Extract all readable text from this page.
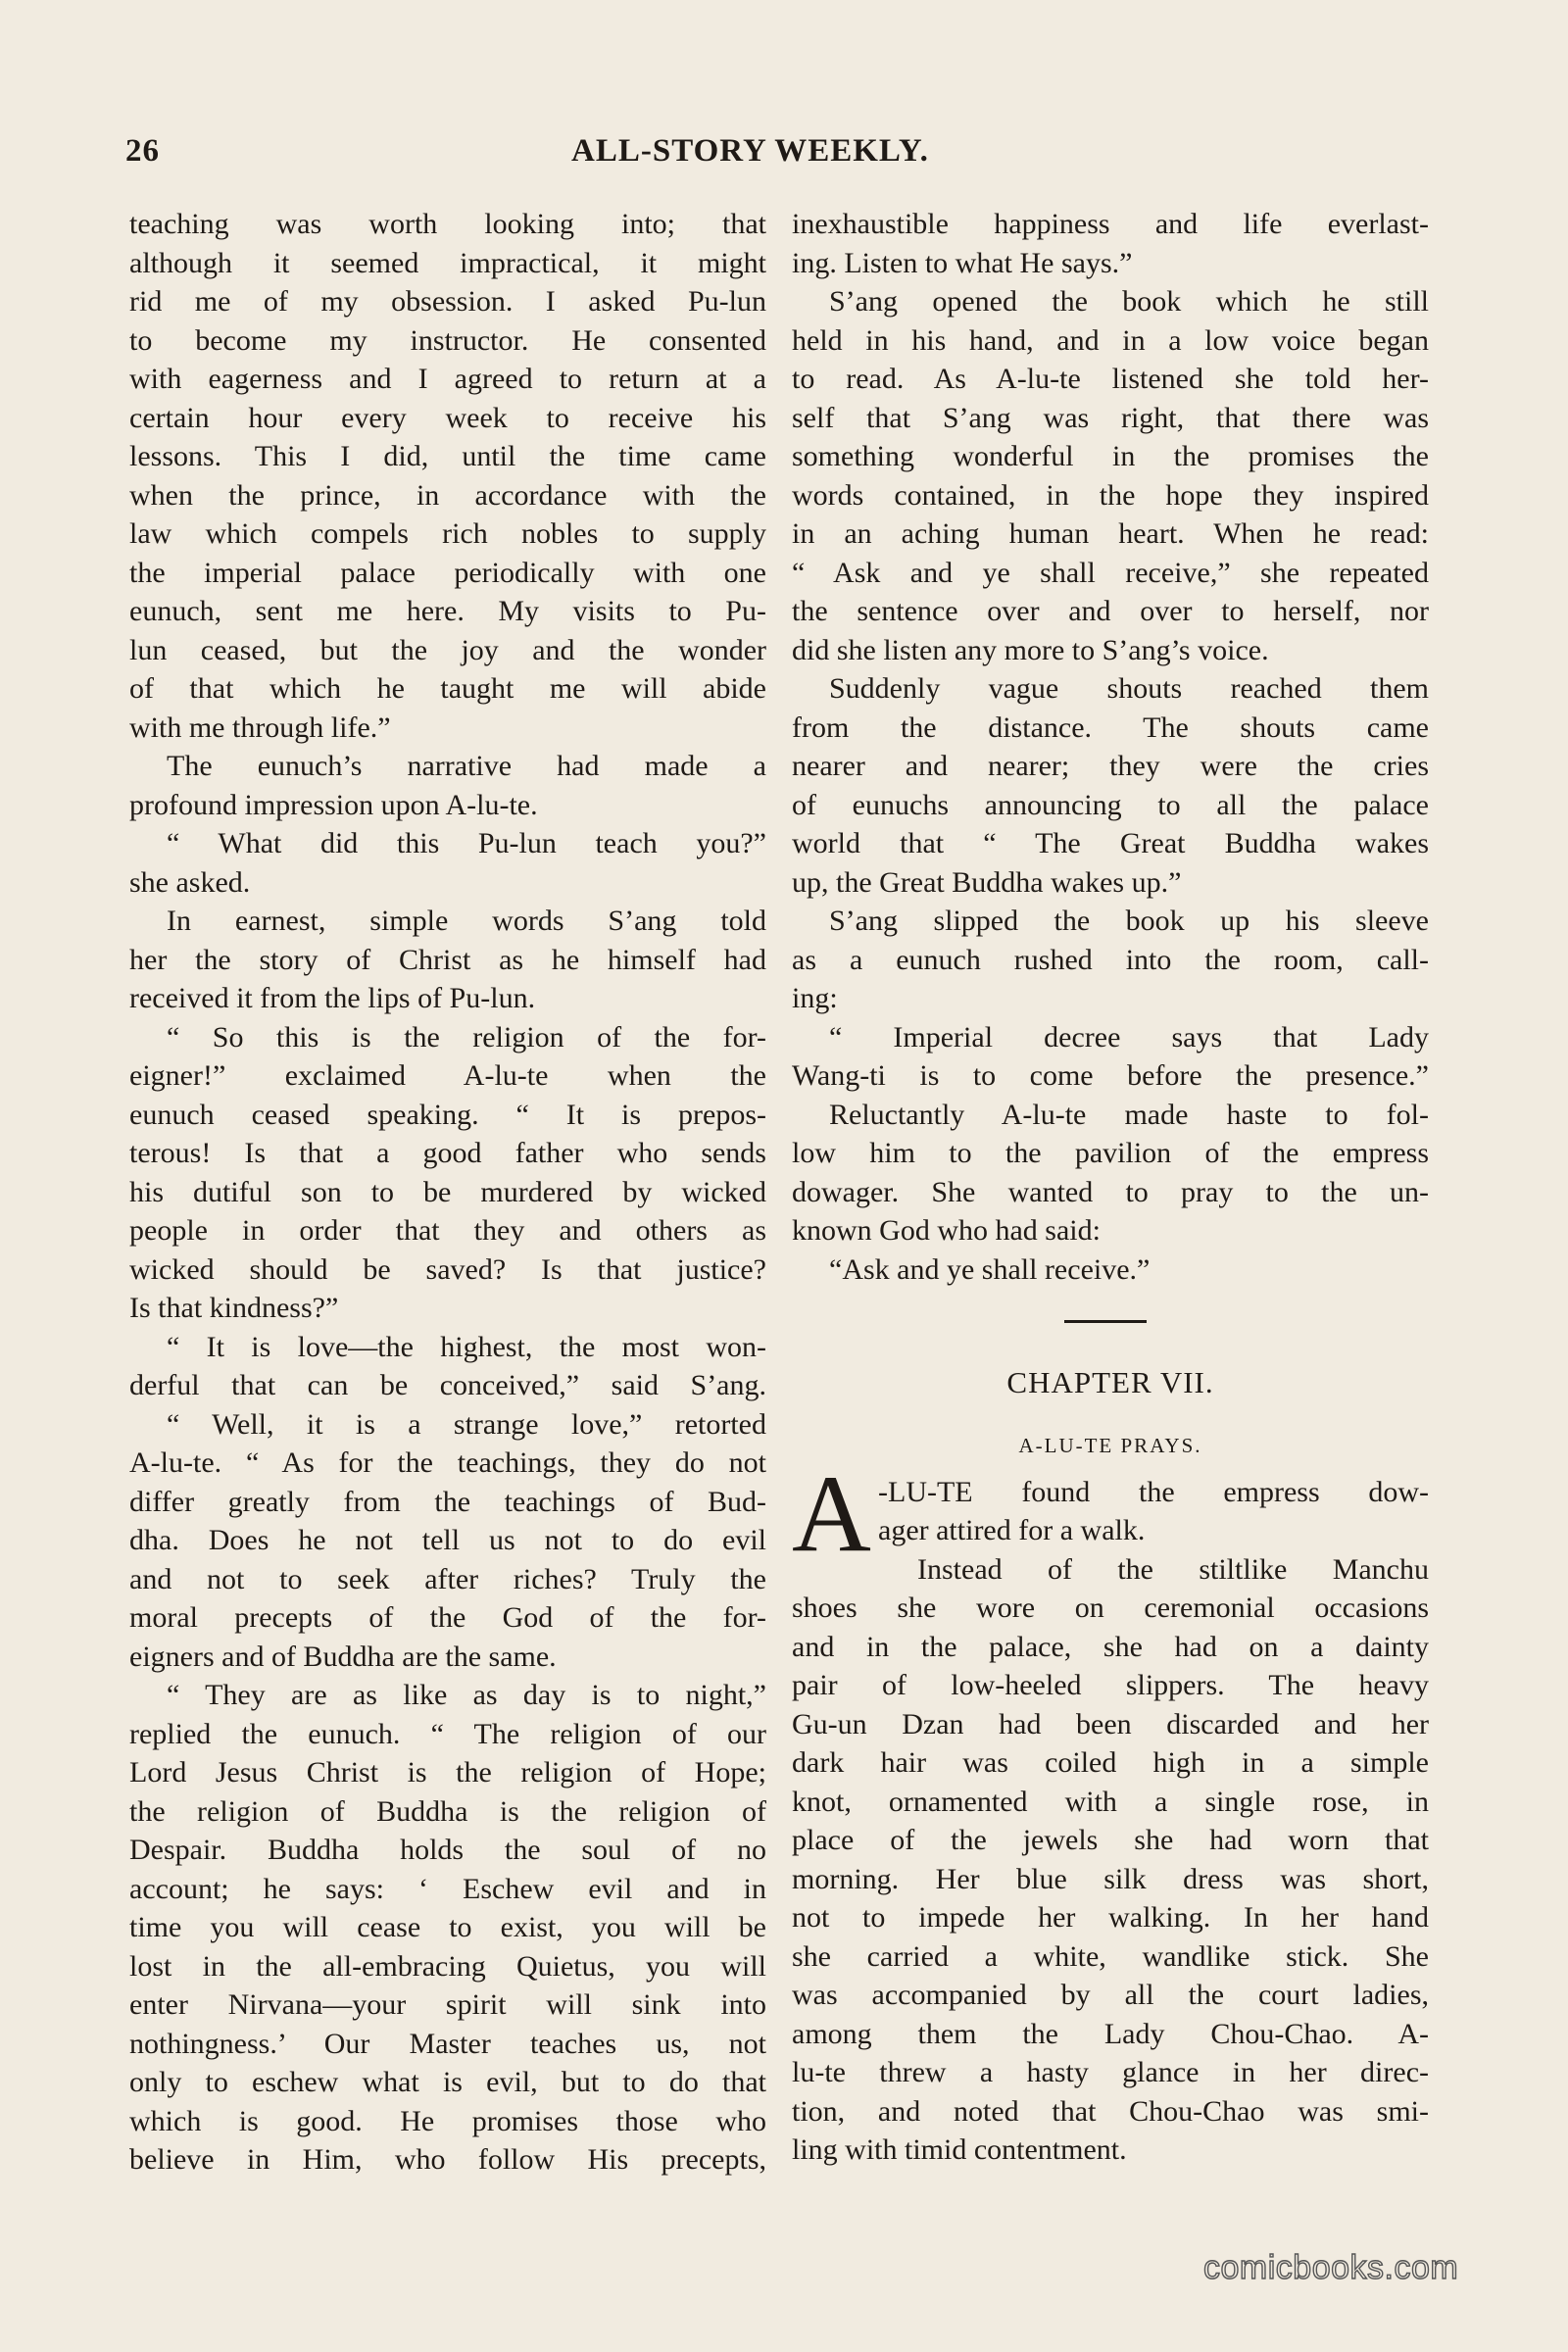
26	ALL-STORY WEEKLY.
teaching was worth looking into; that
although it seemed impractical, it might
rid me of my obsession. I asked Pu-lun
to become my instructor. He consented
with eagerness and I agreed to return at a
certain hour every week to receive his
lessons. This I did, until the time came
when the prince, in accordance with the
law which compels rich nobles to supply
the imperial palace periodically with one
eunuch, sent me here. My visits to Pu-
lun ceased, but the joy and the wonder
of that which he taught me will abide
with me through life.”
The eunuch’s narrative had made a
profound impression upon A-lu-te.
“ What did this Pu-lun teach you?”
she asked.
In earnest, simple words S’ang told
her the story of Christ as he himself had
received it from the lips of Pu-lun.
“ So this is the religion of the for-
eigner!” exclaimed A-lu-te when the
eunuch ceased speaking. “ It is prepos-
terous! Is that a good father who sends
his dutiful son to be murdered by wicked
people in order that they and others as
wicked should be saved? Is that justice?
Is that kindness?”
“ It is love—the highest, the most won-
derful that can be conceived,” said S’ang.
“ Well, it is a strange love,” retorted
A-lu-te. “ As for the teachings, they do not
differ greatly from the teachings of Bud-
dha. Does he not tell us not to do evil
and not to seek after riches? Truly the
moral precepts of the God of the for-
eigners and of Buddha are the same.
“ They are as like as day is to night,”
replied the eunuch. “ The religion of our
Lord Jesus Christ is the religion of Hope;
the religion of Buddha is the religion of
Despair. Buddha holds the soul of no
account; he says: ‘ Eschew evil and in
time you will cease to exist, you will be
lost in the all-embracing Quietus, you will
enter Nirvana—your spirit will sink into
nothingness.’ Our Master teaches us, not
only to eschew what is evil, but to do that
which is good. He promises those who
believe in Him, who follow His precepts,
inexhaustible happiness and life everlast-
ing. Listen to what He says.”
S’ang opened the book which he still
held in his hand, and in a low voice began
to read. As A-lu-te listened she told her-
self that S’ang was right, that there was
something wonderful in the promises the
words contained, in the hope they inspired
in an aching human heart. When he read:
“ Ask and ye shall receive,” she repeated
the sentence over and over to herself, nor
did she listen any more to S’ang’s voice.
Suddenly vague shouts reached them
from the distance. The shouts came
nearer and nearer; they were the cries
of eunuchs announcing to all the palace
world that “ The Great Buddha wakes
up, the Great Buddha wakes up.”
S’ang slipped the book up his sleeve
as a eunuch rushed into the room, call-
ing:
“ Imperial decree says that Lady
Wang-ti is to come before the presence.”
Reluctantly A-lu-te made haste to fol-
low him to the pavilion of the empress
dowager. She wanted to pray to the un-
known God who had said:
“Ask and ye shall receive.”
CHAPTER VII.
A-LU-TE PRAYS.
A -LU-TE found the empress dow-
ager attired for a walk.
Instead of the stiltlike Manchu
shoes she wore on ceremonial occasions
and in the palace, she had on a dainty
pair of low-heeled slippers. The heavy
Gu-un Dzan had been discarded and her
dark hair was coiled high in a simple
knot, ornamented with a single rose, in
place of the jewels she had worn that
morning. Her blue silk dress was short,
not to impede her walking. In her hand
she carried a white, wandlike stick. She
was accompanied by all the court ladies,
among them the Lady Chou-Chao. A-
lu-te threw a hasty glance in her direc-
tion, and noted that Chou-Chao was smi-
ling with timid contentment.
comicbooks.com
